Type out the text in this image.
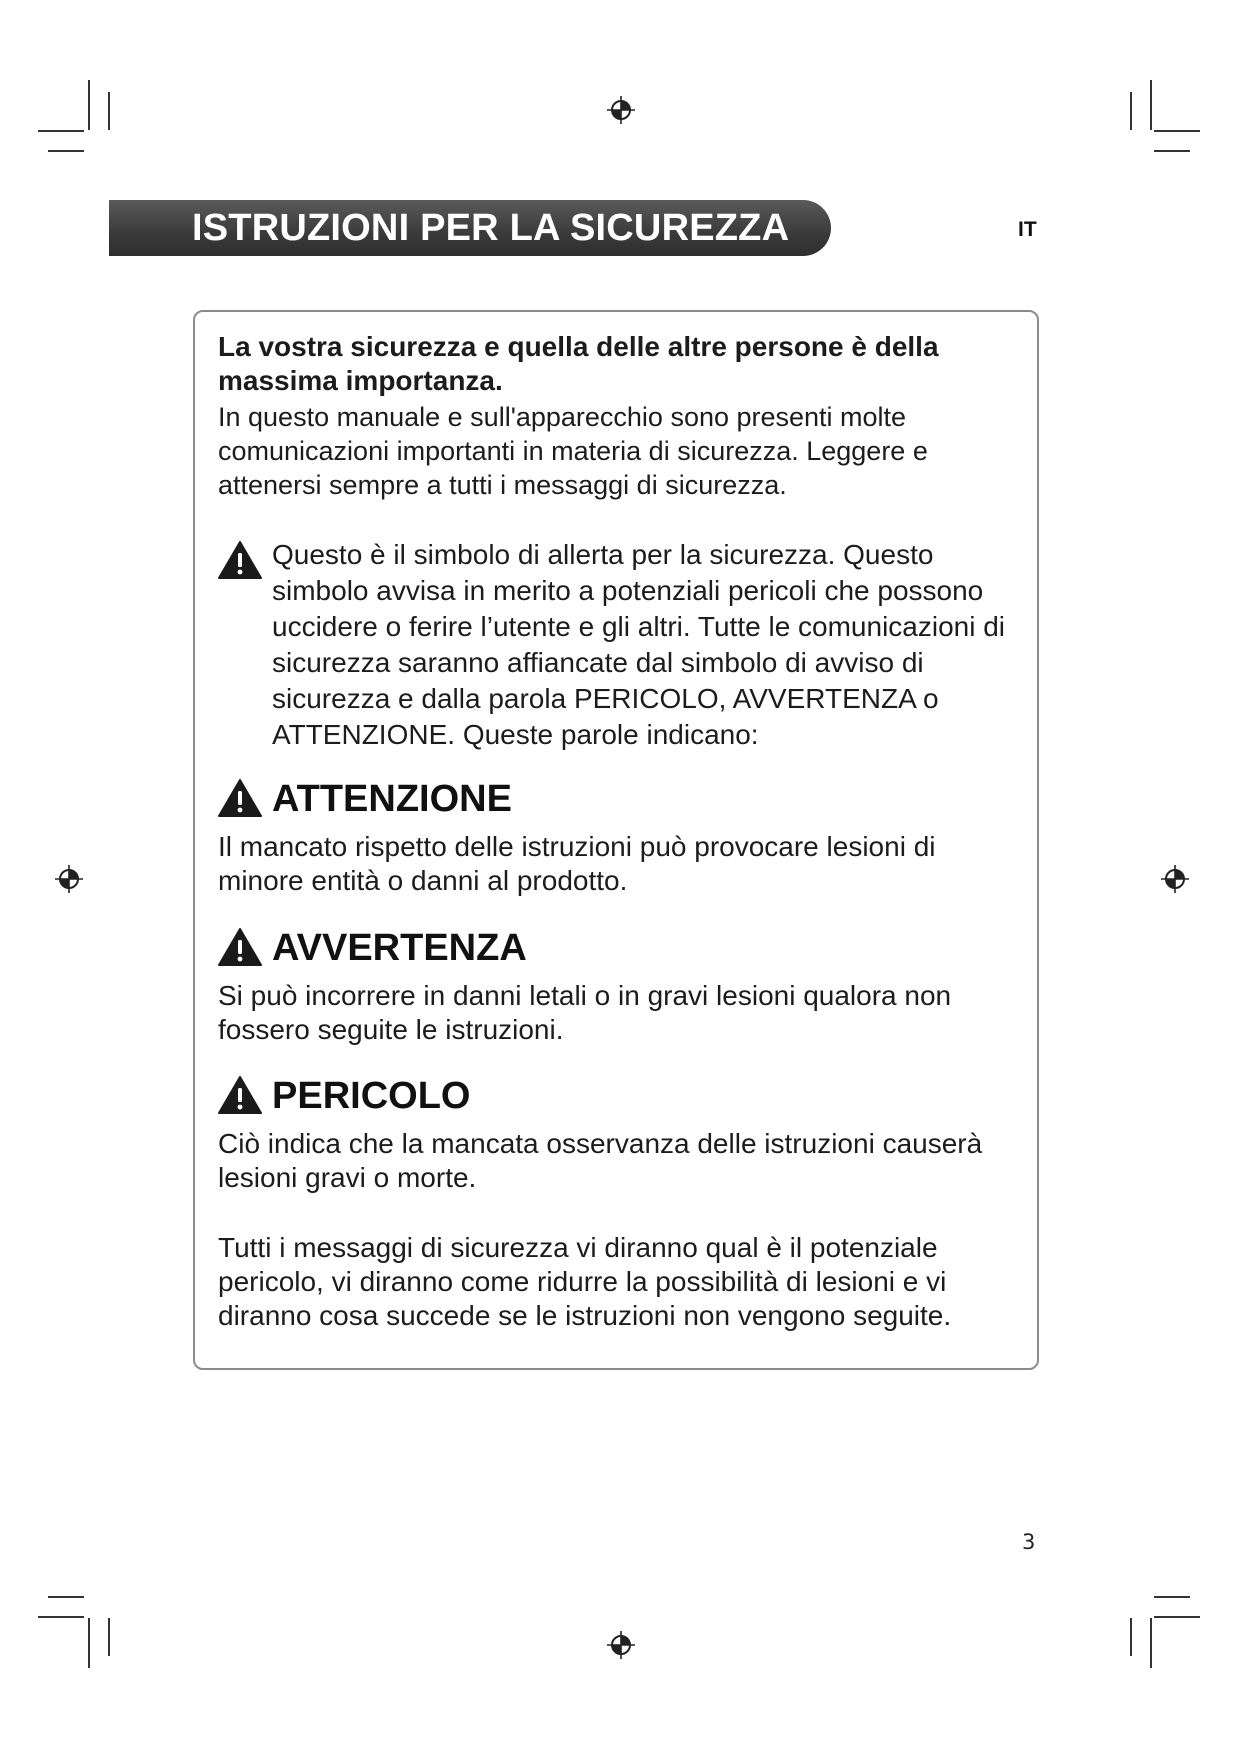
ISTRUZIONI PER LA SICUREZZA	IT
La vostra sicurezza e quella delle altre persone è della massima importanza.
In questo manuale e sull'apparecchio sono presenti molte comunicazioni importanti in materia di sicurezza. Leggere e attenersi sempre a tutti i messaggi di sicurezza.
Questo è il simbolo di allerta per la sicurezza. Questo simbolo avvisa in merito a potenziali pericoli che possono uccidere o ferire l’utente e gli altri. Tutte le comunicazioni di sicurezza saranno affiancate dal simbolo di avviso di sicurezza e dalla parola PERICOLO, AVVERTENZA o ATTENZIONE. Queste parole indicano:
ATTENZIONE
Il mancato rispetto delle istruzioni può provocare lesioni di minore entità o danni al prodotto.
AVVERTENZA
Si può incorrere in danni letali o in gravi lesioni qualora non fossero seguite le istruzioni.
PERICOLO
Ciò indica che la mancata osservanza delle istruzioni causerà lesioni gravi o morte.
Tutti i messaggi di sicurezza vi diranno qual è il potenziale pericolo, vi diranno come ridurre la possibilità di lesioni e vi diranno cosa succede se le istruzioni non vengono seguite.
3
